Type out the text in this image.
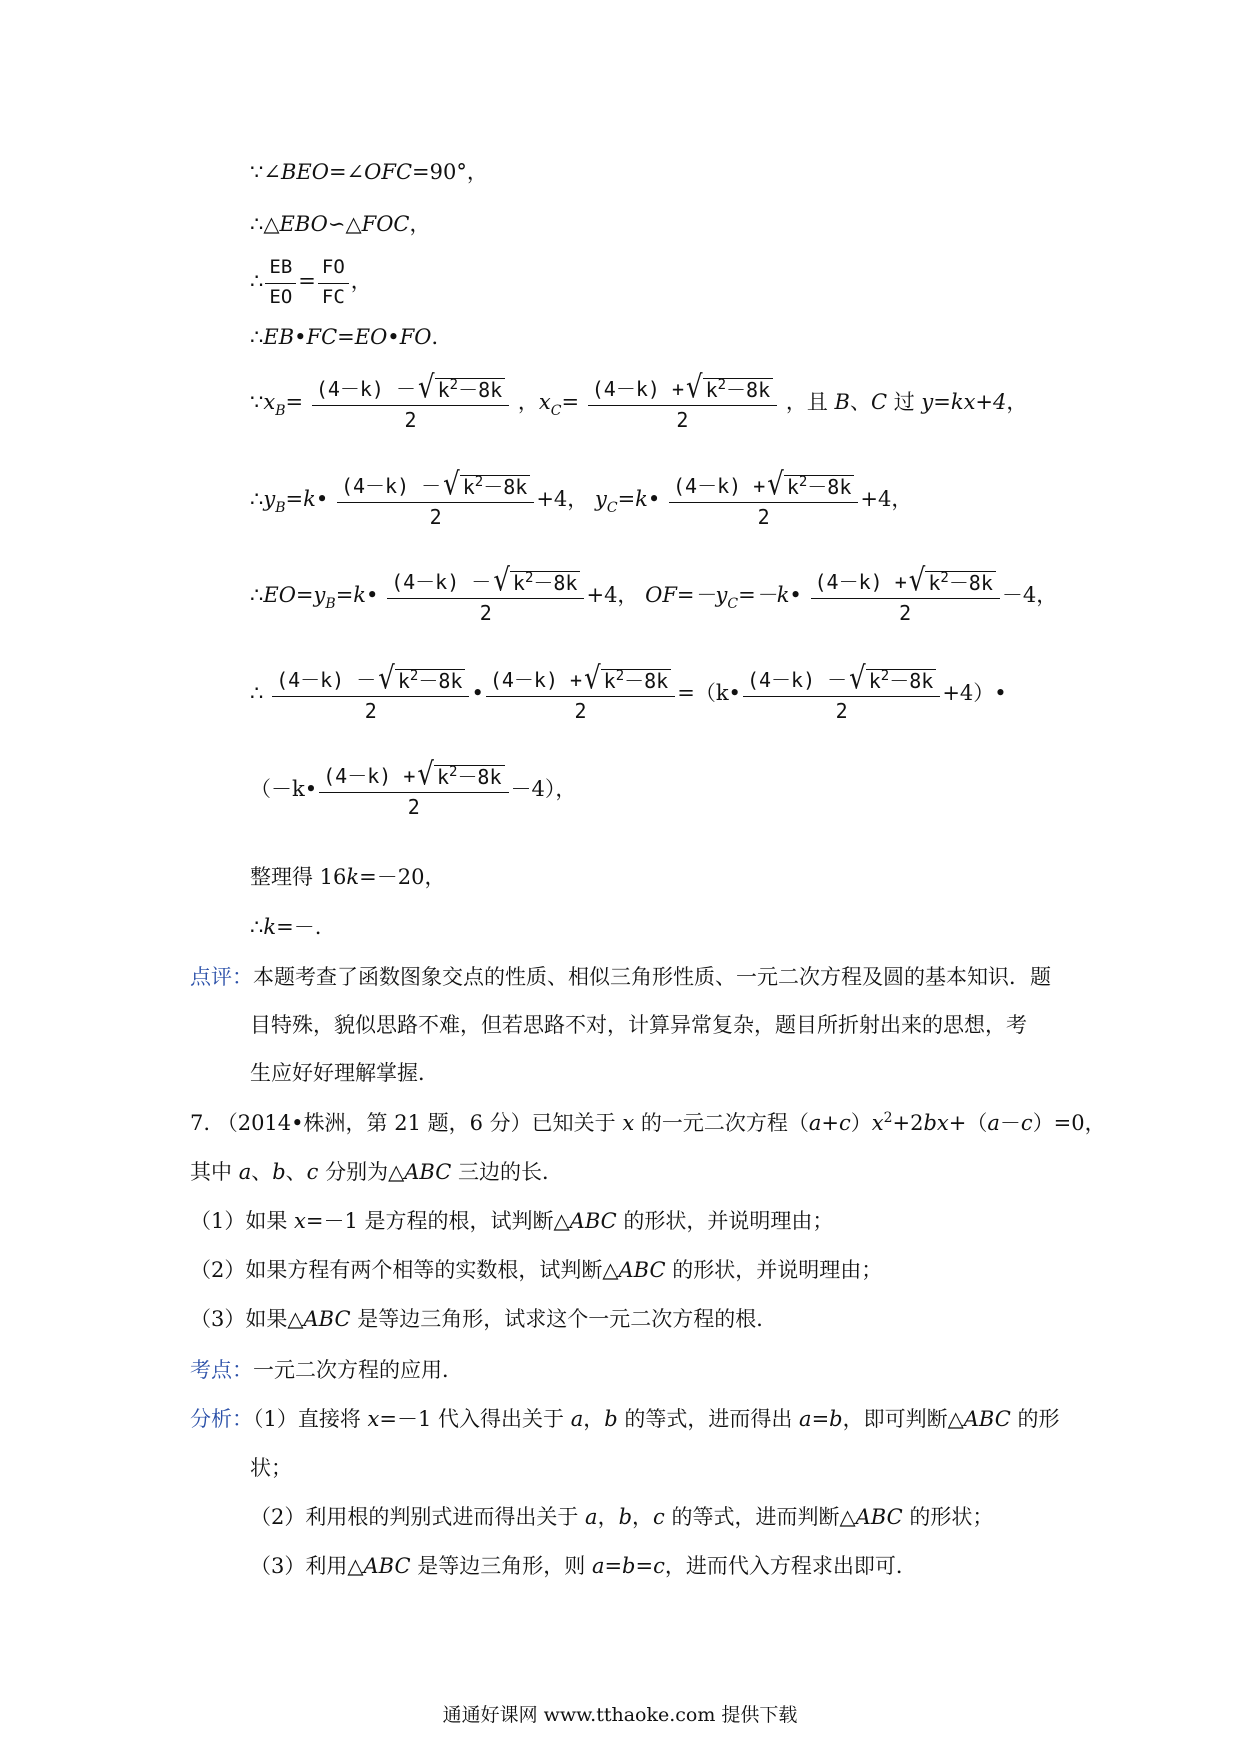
∵∠BEO=∠OFC=90°，
∴△EBO∽△FOC，
∴ $\frac{EB}{EO} = \frac{FO}{FC}$ ，
∴EB•FC=EO•FO．
$\because x_B= \frac{(4-k) - √ k^2-8k}{2}$ ，$x_C= \frac{(4-k) + √ k^2-8k}{2}$ ，且 B、C 过 y=kx+4，
$\therefore y_B=k• \frac{(4-k) - √ k^2-8k}{2} +4$， $y_C=k• \frac{(4-k) + √ k^2-8k}{2} +4$，
$\therefore EO=y_B=k• \frac{(4-k) - √ k^2-8k}{2} +4$， $OF=-y_C=-k• \frac{(4-k) + √ k^2-8k}{2} -4$，
∴ $\frac{(4-k) - √ k^2-8k}{2}$ • $\frac{(4-k) + √ k^2-8k}{2}$ =（k• $\frac{(4-k) - √ k^2-8k}{2}$ +4）•
（－k• $\frac{(4-k) + √ k^2-8k}{2} -4$），
整理得 16k=－20，
∴k=－.
点评：本题考查了函数图象交点的性质、相似三角形性质、一元二次方程及圆的基本知识．题
目特殊，貌似思路不难，但若思路不对，计算异常复杂，题目所折射出来的思想，考
生应好好理解掌握．
7. （2014•株洲，第 21 题，6 分）已知关于 x 的一元二次方程$(a+c)x^2+2bx+(a-c)=0$，
其中 a、b、c 分别为△ABC 三边的长．
（1）如果 x=－1 是方程的根，试判断△ABC 的形状，并说明理由；
（2）如果方程有两个相等的实数根，试判断△ABC 的形状，并说明理由；
（3）如果△ABC 是等边三角形，试求这个一元二次方程的根．
考点：一元二次方程的应用．
分析：（1）直接将 x=－1 代入得出关于 a，b 的等式，进而得出 a=b，即可判断△ABC 的形
状；
（2）利用根的判别式进而得出关于 a，b，c 的等式，进而判断△ABC 的形状；
（3）利用△ABC 是等边三角形，则 a=b=c，进而代入方程求出即可．
通通好课网 www.tthaoke.com 提供下载
